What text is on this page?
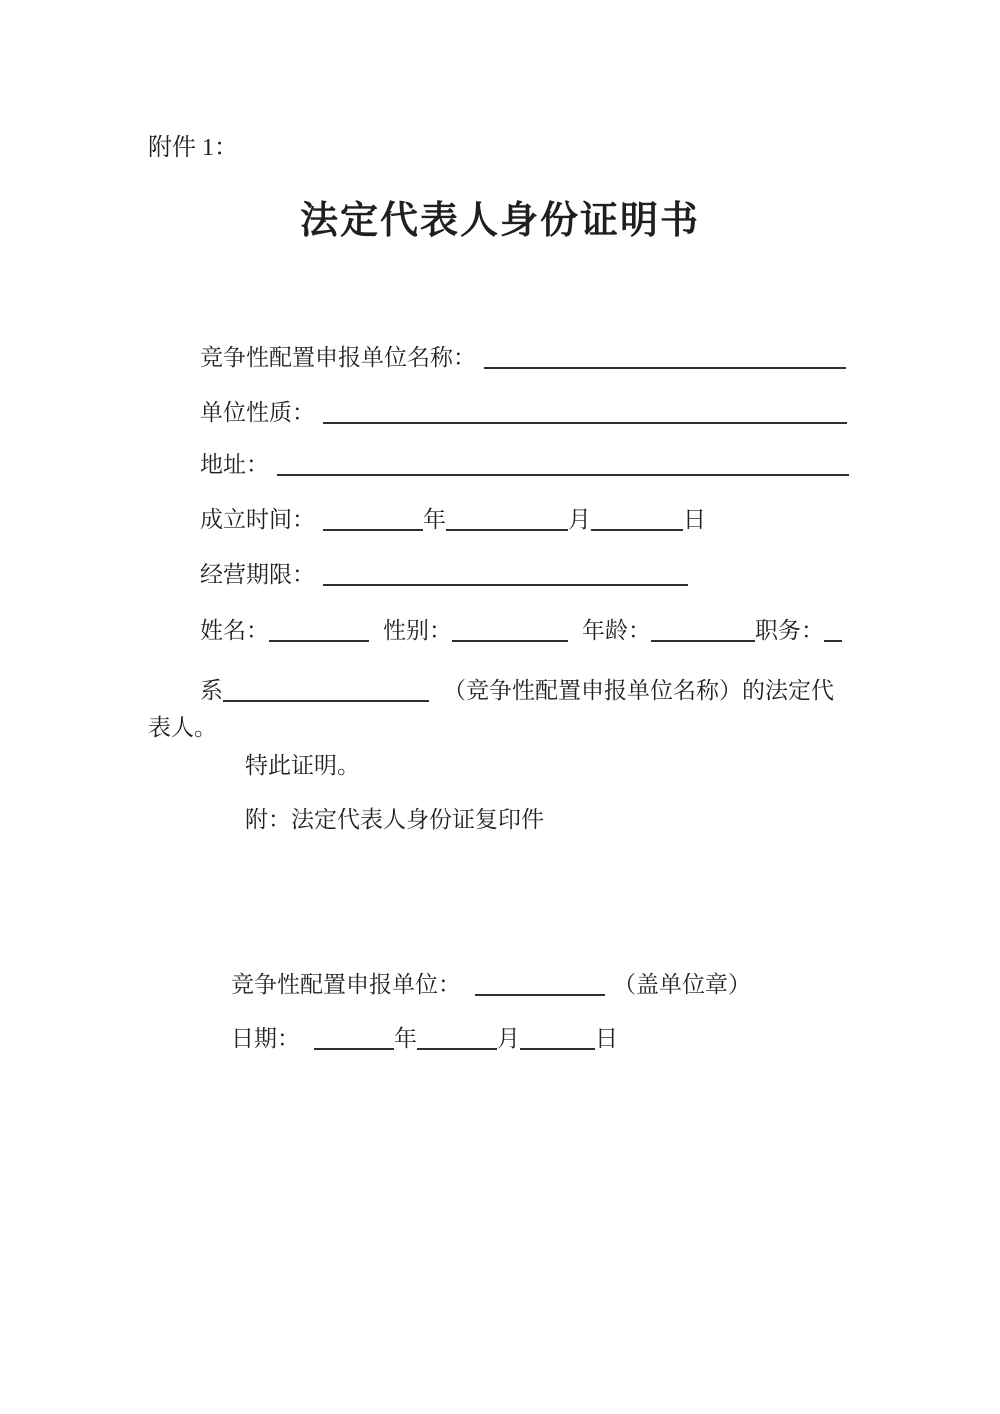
附件 1：
法定代表人身份证明书
竞争性配置申报单位名称：
单位性质：
地址：
成立时间：	年	月	日
经营期限：
姓名：	性别：	年龄：	职务：
系	（竞争性配置申报单位名称）的法定代
表人。
特此证明。
附：法定代表人身份证复印件
竞争性配置申报单位：	（盖单位章）
日期：	年	月	日
